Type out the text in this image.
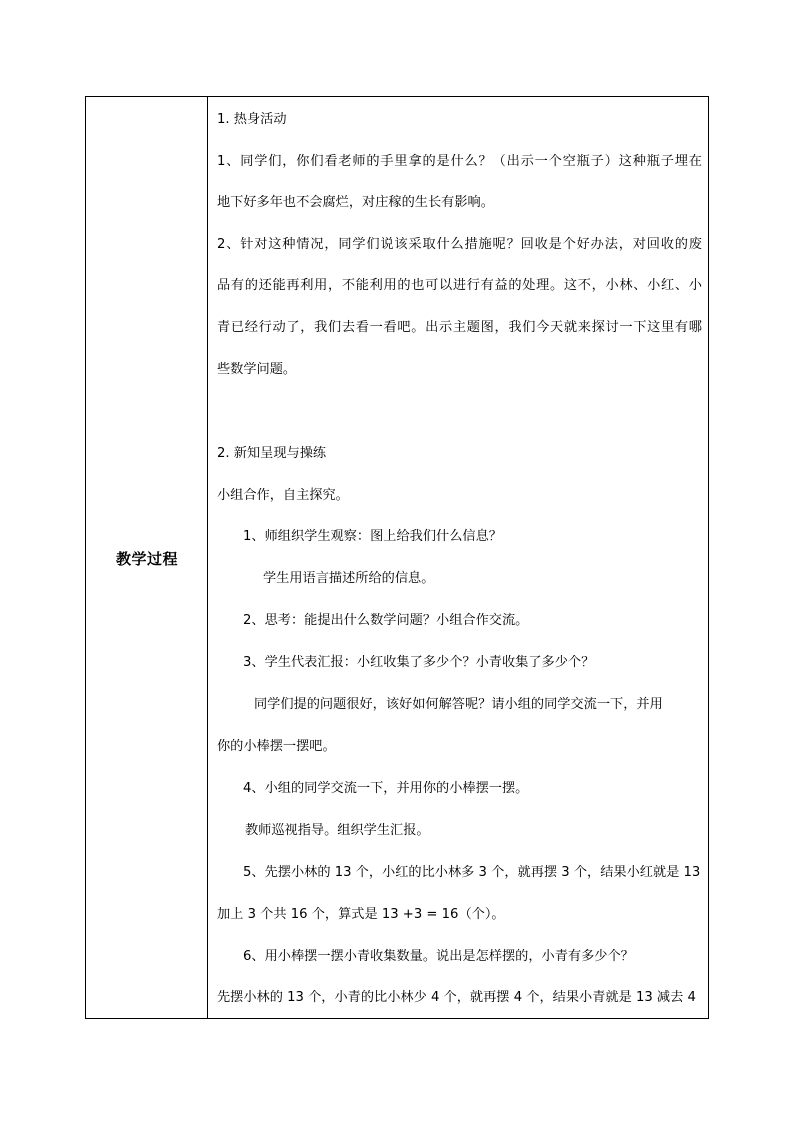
教学过程
1. 热身活动
1、同学们，你们看老师的手里拿的是什么？（出示一个空瓶子）这种瓶子埋在
地下好多年也不会腐烂，对庄稼的生长有影响。
2、针对这种情况，同学们说该采取什么措施呢？回收是个好办法，对回收的废
品有的还能再利用，不能利用的也可以进行有益的处理。这不，小林、小红、小
青已经行动了，我们去看一看吧。出示主题图，我们今天就来探讨一下这里有哪
些数学问题。
2. 新知呈现与操练
小组合作，自主探究。
1、师组织学生观察：图上给我们什么信息？
学生用语言描述所给的信息。
2、思考：能提出什么数学问题？小组合作交流。
3、学生代表汇报：小红收集了多少个？小青收集了多少个？
同学们提的问题很好，该好如何解答呢？请小组的同学交流一下，并用
你的小棒摆一摆吧。
4、小组的同学交流一下，并用你的小棒摆一摆。
教师巡视指导。组织学生汇报。
5、先摆小林的 13 个，小红的比小林多 3 个，就再摆 3 个，结果小红就是 13
加上 3 个共 16 个，算式是 13 +3 = 16（个）。
6、用小棒摆一摆小青收集数量。说出是怎样摆的，小青有多少个？
先摆小林的 13 个，小青的比小林少 4 个，就再摆 4 个，结果小青就是 13 减去 4
